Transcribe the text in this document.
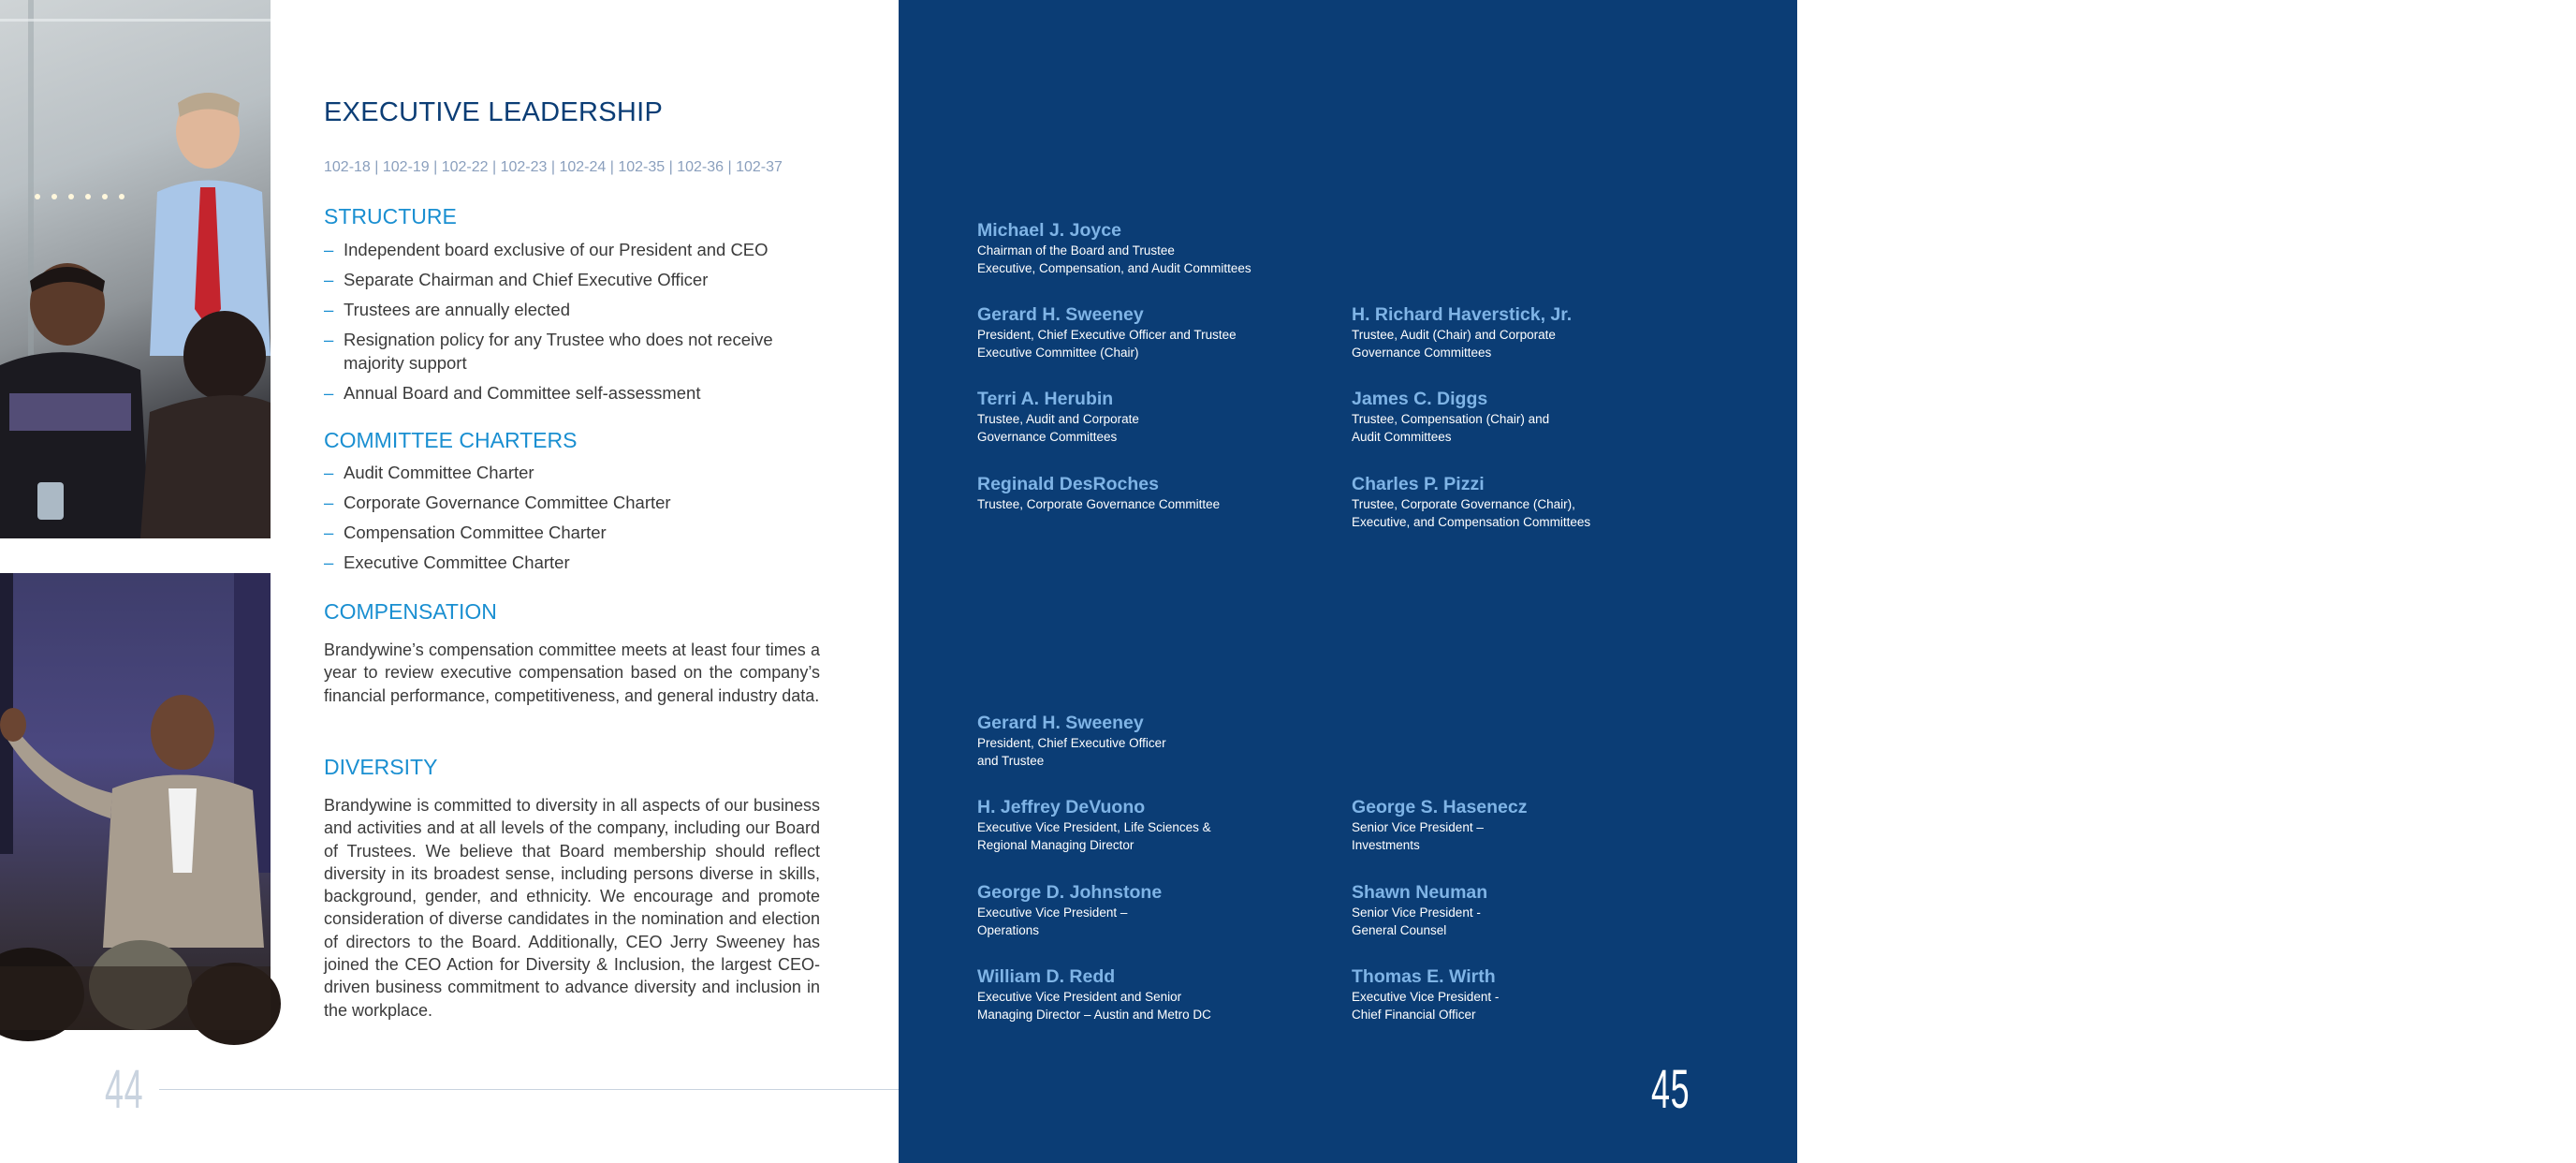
EXECUTIVE LEADERSHIP
102-18 | 102-19 | 102-22 | 102-23 | 102-24 | 102-35 | 102-36 | 102-37
STRUCTURE
– Independent board exclusive of our President and CEO
– Separate Chairman and Chief Executive Officer
– Trustees are annually elected
– Resignation policy for any Trustee who does not receive majority support
– Annual Board and Committee self-assessment
COMMITTEE CHARTERS
– Audit Committee Charter
– Corporate Governance Committee Charter
– Compensation Committee Charter
– Executive Committee Charter
COMPENSATION

Brandywine’s compensation committee meets at least four times a year to review executive compensation based on the company’s financial performance, competitiveness, and general industry data.

DIVERSITY

Brandywine is committed to diversity in all aspects of our business and activities and at all levels of the company, including our Board of Trustees. We believe that Board membership should reflect diversity in its broadest sense, including persons diverse in skills, background, gender, and ethnicity. We encourage and promote consideration of diverse candidates in the nomination and election of directors to the Board. Additionally, CEO Jerry Sweeney has joined the CEO Action for Diversity & Inclusion, the largest CEO-driven business commitment to advance diversity and inclusion in the workplace.

44
BOARD OF TRUSTEES
Michael J. Joyce
Chairman of the Board and Trustee
Executive, Compensation, and Audit Committees
Gerard H. Sweeney
President, Chief Executive Officer and Trustee
Executive Committee (Chair)
H. Richard Haverstick, Jr.
Trustee, Audit (Chair) and Corporate
Governance Committees
Terri A. Herubin
Trustee, Audit and Corporate
Governance Committees
James C. Diggs
Trustee, Compensation (Chair) and
Audit Committees
Reginald DesRoches
Trustee, Corporate Governance Committee
Charles P. Pizzi
Trustee, Corporate Governance (Chair),
Executive, and Compensation Committees
EXECUTIVE TEAM
Gerard H. Sweeney
President, Chief Executive Officer
and Trustee
H. Jeffrey DeVuono
Executive Vice President, Life Sciences &
Regional Managing Director
George S. Hasenecz
Senior Vice President –
Investments
George D. Johnstone
Executive Vice President –
Operations
Shawn Neuman
Senior Vice President -
General Counsel
William D. Redd
Executive Vice President and Senior
Managing Director – Austin and Metro DC
Thomas E. Wirth
Executive Vice President -
Chief Financial Officer
45
